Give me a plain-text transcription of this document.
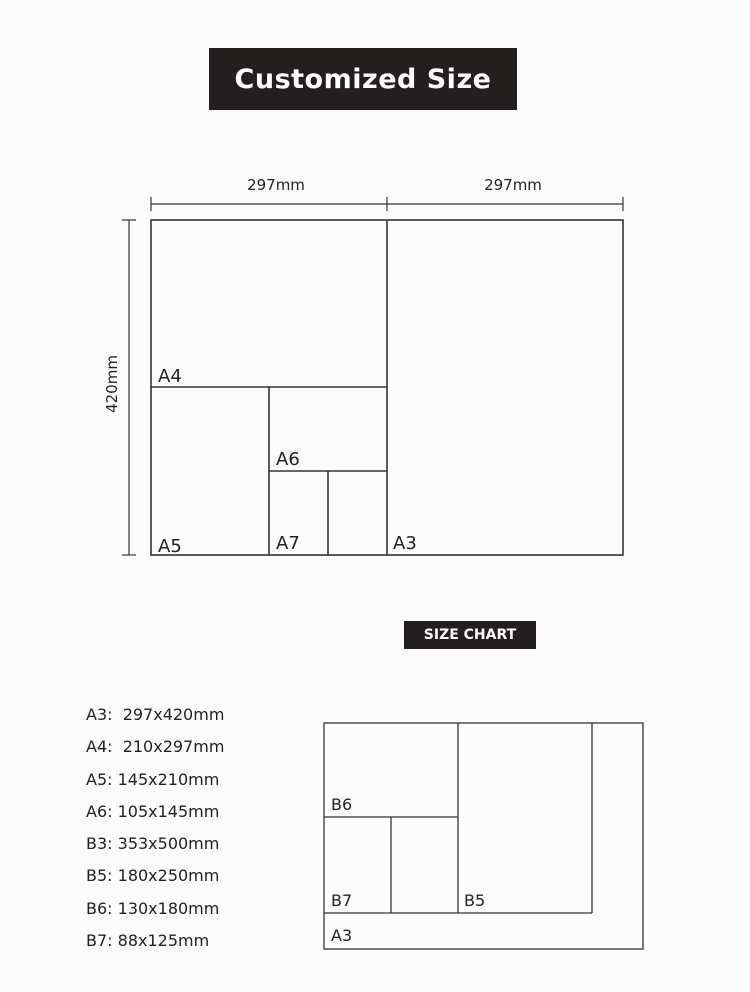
Customized Size
297mm	297mm
420mm A4
A5
A6
A7	A3
B6
B7	B5
A3
SIZE CHART
A3:  297x420mm
A4:  210x297mm
A5: 145x210mm
A6: 105x145mm
B3: 353x500mm
B5: 180x250mm
B6: 130x180mm
B7: 88x125mm
